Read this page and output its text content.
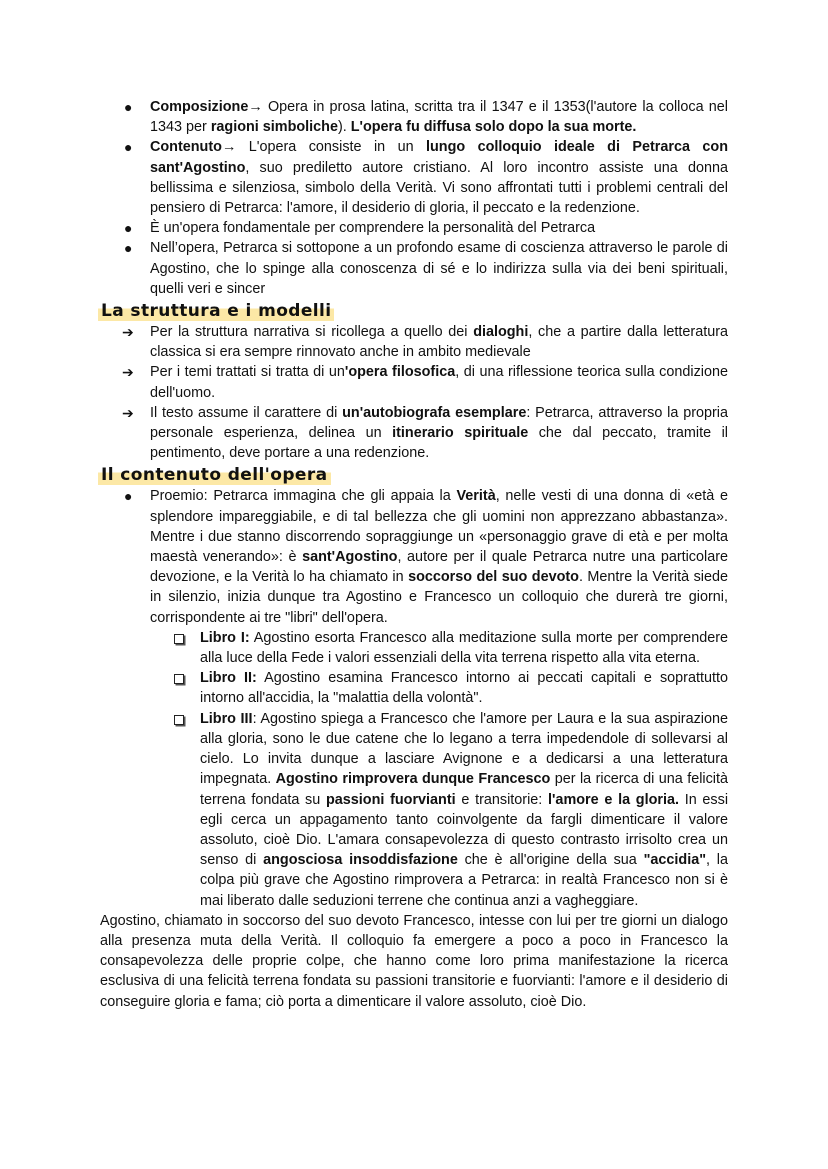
● Composizione→ Opera in prosa latina, scritta tra il 1347 e il 1353(l'autore la colloca nel 1343 per ragioni simboliche). L'opera fu diffusa solo dopo la sua morte.
● Contenuto→ L'opera consiste in un lungo colloquio ideale di Petrarca con sant'Agostino, suo prediletto autore cristiano. Al loro incontro assiste una donna bellissima e silenziosa, simbolo della Verità. Vi sono affrontati tutti i problemi centrali del pensiero di Petrarca: l'amore, il desiderio di gloria, il peccato e la redenzione.
● È un'opera fondamentale per comprendere la personalità del Petrarca
● Nell’opera, Petrarca si sottopone a un profondo esame di coscienza attraverso le parole di Agostino, che lo spinge alla conoscenza di sé e lo indirizza sulla via dei beni spirituali, quelli veri e sincer
La struttura e i modelli
➔ Per la struttura narrativa si ricollega a quello dei dialoghi, che a partire dalla letteratura classica si era sempre rinnovato anche in ambito medievale
➔ Per i temi trattati si tratta di un'opera filosofica, di una riflessione teorica sulla condizione dell'uomo.
➔ Il testo assume il carattere di un'autobiografa esemplare: Petrarca, attraverso la propria personale esperienza, delinea un itinerario spirituale che dal peccato, tramite il pentimento, deve portare a una redenzione.
Il contenuto dell'opera
● Proemio: Petrarca immagina che gli appaia la Verità, nelle vesti di una donna di «età e splendore impareggiabile, e di tal bellezza che gli uomini non apprezzano abbastanza». Mentre i due stanno discorrendo sopraggiunge un «personaggio grave di età e per molta maestà venerando»: è sant'Agostino, autore per il quale Petrarca nutre una particolare devozione, e la Verità lo ha chiamato in soccorso del suo devoto. Mentre la Verità siede in silenzio, inizia dunque tra Agostino e Francesco un colloquio che durerà tre giorni, corrispondente ai tre "libri" dell'opera.
Libro I: Agostino esorta Francesco alla meditazione sulla morte per comprendere alla luce della Fede i valori essenziali della vita terrena rispetto alla vita eterna.
Libro II: Agostino esamina Francesco intorno ai peccati capitali e soprattutto intorno all'accidia, la "malattia della volontà".
Libro III: Agostino spiega a Francesco che l'amore per Laura e la sua aspirazione alla gloria, sono le due catene che lo legano a terra impedendole di sollevarsi al cielo. Lo invita dunque a lasciare Avignone e a dedicarsi a una letteratura impegnata. Agostino rimprovera dunque Francesco per la ricerca di una felicità terrena fondata su passioni fuorvianti e transitorie: l'amore e la gloria. In essi egli cerca un appagamento tanto coinvolgente da fargli dimenticare il valore assoluto, cioè Dio. L'amara consapevolezza di questo contrasto irrisolto crea un senso di angosciosa insoddisfazione che è all'origine della sua "accidia", la colpa più grave che Agostino rimprovera a Petrarca: in realtà Francesco non si è mai liberato dalle seduzioni terrene che continua anzi a vagheggiare.

Agostino, chiamato in soccorso del suo devoto Francesco, intesse con lui per tre giorni un dialogo alla presenza muta della Verità. Il colloquio fa emergere a poco a poco in Francesco la consapevolezza delle proprie colpe, che hanno come loro prima manifestazione la ricerca esclusiva di una felicità terrena fondata su passioni transitorie e fuorvianti: l'amore e il desiderio di conseguire gloria e fama; ciò porta a dimenticare il valore assoluto, cioè Dio.
